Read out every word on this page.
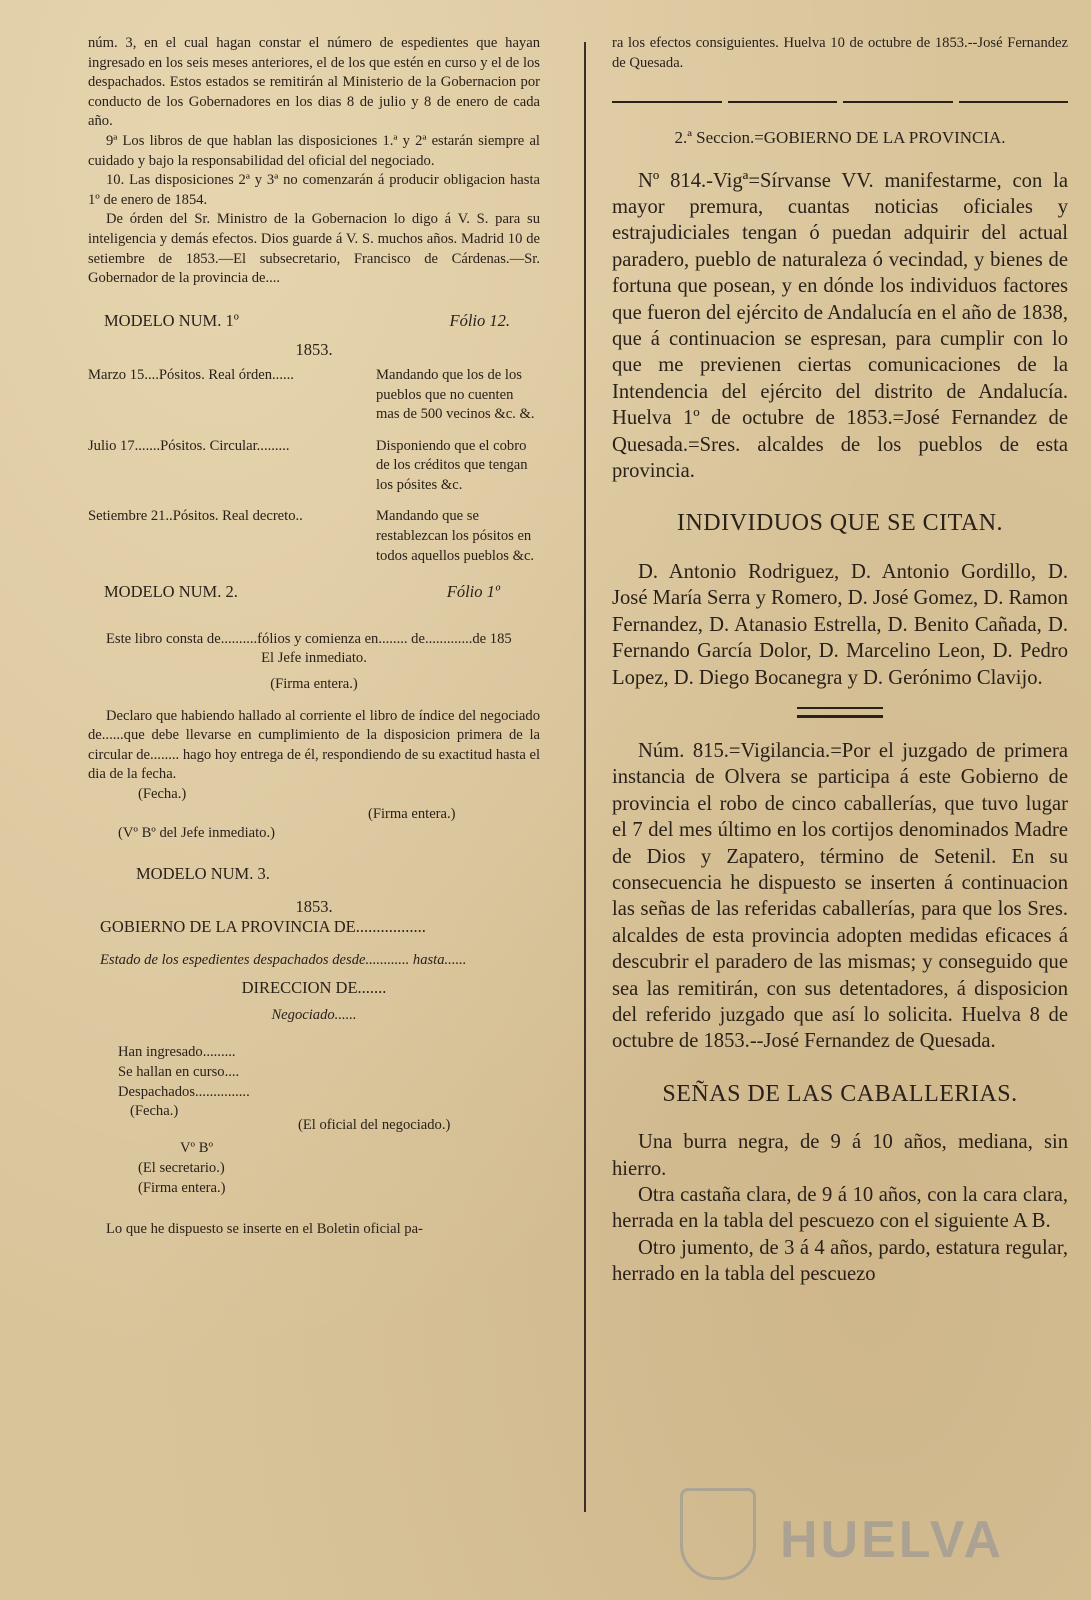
núm. 3, en el cual hagan constar el número de espedientes que hayan ingresado en los seis meses anteriores, el de los que estén en curso y el de los despachados. Estos estados se remitirán al Ministerio de la Gobernacion por conducto de los Gobernadores en los dias 8 de julio y 8 de enero de cada año.

9ª Los libros de que hablan las disposiciones 1.ª y 2ª estarán siempre al cuidado y bajo la responsabilidad del oficial del negociado.

10. Las disposiciones 2ª y 3ª no comenzarán á producir obligacion hasta 1º de enero de 1854.

De órden del Sr. Ministro de la Gobernacion lo digo á V. S. para su inteligencia y demás efectos. Dios guarde á V. S. muchos años. Madrid 10 de setiembre de 1853.—El subsecretario, Francisco de Cárdenas.—Sr. Gobernador de la provincia de....

MODELO NUM. 1º	Fólio 12.
1853.
Marzo 15....Pósitos. Real órden......	Mandando que los de los pueblos que no cuenten mas de 500 vecinos &c. &.
Julio 17.......Pósitos. Circular.........	Disponiendo que el cobro de los créditos que tengan los pósites &c.
Setiembre 21..Pósitos. Real decreto..	Mandando que se restablezcan los pósitos en todos aquellos pueblos &c.
MODELO NUM. 2.	Fólio 1º

Este libro consta de..........fólios y comienza en........ de.............de 185

El Jefe inmediato.
(Firma entera.)

Declaro que habiendo hallado al corriente el libro de índice del negociado de......que debe llevarse en cumplimiento de la disposicion primera de la circular de........ hago hoy entrega de él, respondiendo de su exactitud hasta el dia de la fecha.

(Fecha.)
(Firma entera.)
(Vº Bº del Jefe inmediato.)
MODELO NUM. 3.
1853.
GOBIERNO DE LA PROVINCIA DE.................
Estado de los espedientes despachados desde............ hasta......
DIRECCION DE.......
Negociado......
Han ingresado.........
Se hallan en curso....
Despachados...............
(Fecha.)
(El oficial del negociado.)
Vº Bº
(El secretario.)
(Firma entera.)

Lo que he dispuesto se inserte en el Boletin oficial pa-

ra los efectos consiguientes. Huelva 10 de octubre de 1853.--José Fernandez de Quesada.

2.ª Seccion.=GOBIERNO DE LA PROVINCIA.

Nº 814.-Vigª=Sírvanse VV. manifestarme, con la mayor premura, cuantas noticias oficiales y estrajudiciales tengan ó puedan adquirir del actual paradero, pueblo de naturaleza ó vecindad, y bienes de fortuna que posean, y en dónde los individuos factores que fueron del ejército de Andalucía en el año de 1838, que á continuacion se espresan, para cumplir con lo que me previenen ciertas comunicaciones de la Intendencia del ejército del distrito de Andalucía. Huelva 1º de octubre de 1853.=José Fernandez de Quesada.=Sres. alcaldes de los pueblos de esta provincia.

INDIVIDUOS QUE SE CITAN.

D. Antonio Rodriguez, D. Antonio Gordillo, D. José María Serra y Romero, D. José Gomez, D. Ramon Fernandez, D. Atanasio Estrella, D. Benito Cañada, D. Fernando García Dolor, D. Marcelino Leon, D. Pedro Lopez, D. Diego Bocanegra y D. Gerónimo Clavijo.

Núm. 815.=Vigilancia.=Por el juzgado de primera instancia de Olvera se participa á este Gobierno de provincia el robo de cinco caballerías, que tuvo lugar el 7 del mes último en los cortijos denominados Madre de Dios y Zapatero, término de Setenil. En su consecuencia he dispuesto se inserten á continuacion las señas de las referidas caballerías, para que los Sres. alcaldes de esta provincia adopten medidas eficaces á descubrir el paradero de las mismas; y conseguido que sea las remitirán, con sus detentadores, á disposicion del referido juzgado que así lo solicita. Huelva 8 de octubre de 1853.--José Fernandez de Quesada.

SEÑAS DE LAS CABALLERIAS.

Una burra negra, de 9 á 10 años, mediana, sin hierro.

Otra castaña clara, de 9 á 10 años, con la cara clara, herrada en la tabla del pescuezo con el siguiente A B.

Otro jumento, de 3 á 4 años, pardo, estatura regular, herrado en la tabla del pescuezo

HUELVA
